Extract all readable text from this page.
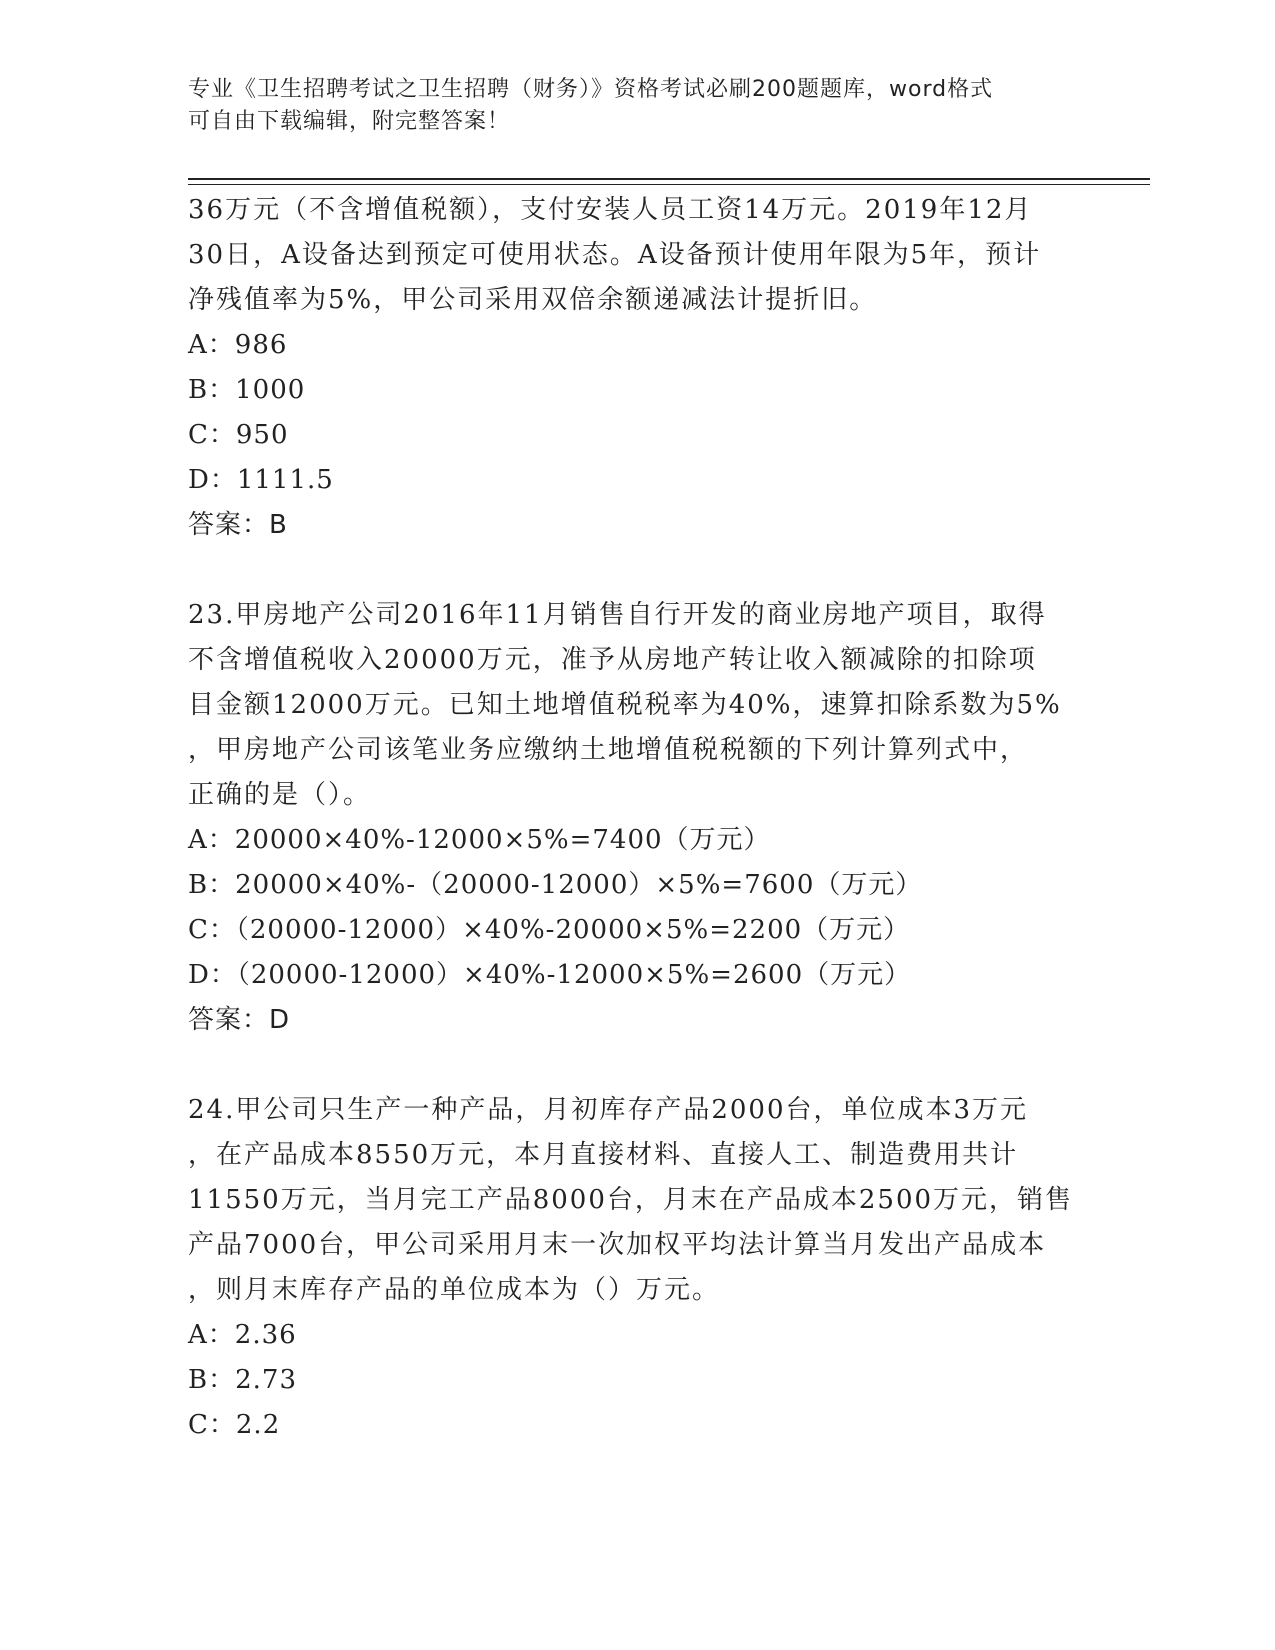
专业《卫生招聘考试之卫生招聘（财务）》资格考试必刷200题题库，word格式
可自由下载编辑，附完整答案！

36万元（不含增值税额），支付安装人员工资14万元。2019年12月

30日，A设备达到预定可使用状态。A设备预计使用年限为5年，预计

净残值率为5%，甲公司采用双倍余额递减法计提折旧。

A：986

B：1000

C：950

D：1111.5

答案：B

23.甲房地产公司2016年11月销售自行开发的商业房地产项目，取得

不含增值税收入20000万元，准予从房地产转让收入额减除的扣除项

目金额12000万元。已知土地增值税税率为40%，速算扣除系数为5%

，甲房地产公司该笔业务应缴纳土地增值税税额的下列计算列式中，

正确的是（）。

A：20000×40%-12000×5%=7400（万元）

B：20000×40%-（20000-12000）×5%=7600（万元）

C：（20000-12000）×40%-20000×5%=2200（万元）

D：（20000-12000）×40%-12000×5%=2600（万元）

答案：D

24.甲公司只生产一种产品，月初库存产品2000台，单位成本3万元

，在产品成本8550万元，本月直接材料、直接人工、制造费用共计

11550万元，当月完工产品8000台，月末在产品成本2500万元，销售

产品7000台，甲公司采用月末一次加权平均法计算当月发出产品成本

，则月末库存产品的单位成本为（）万元。

A：2.36

B：2.73

C：2.2
